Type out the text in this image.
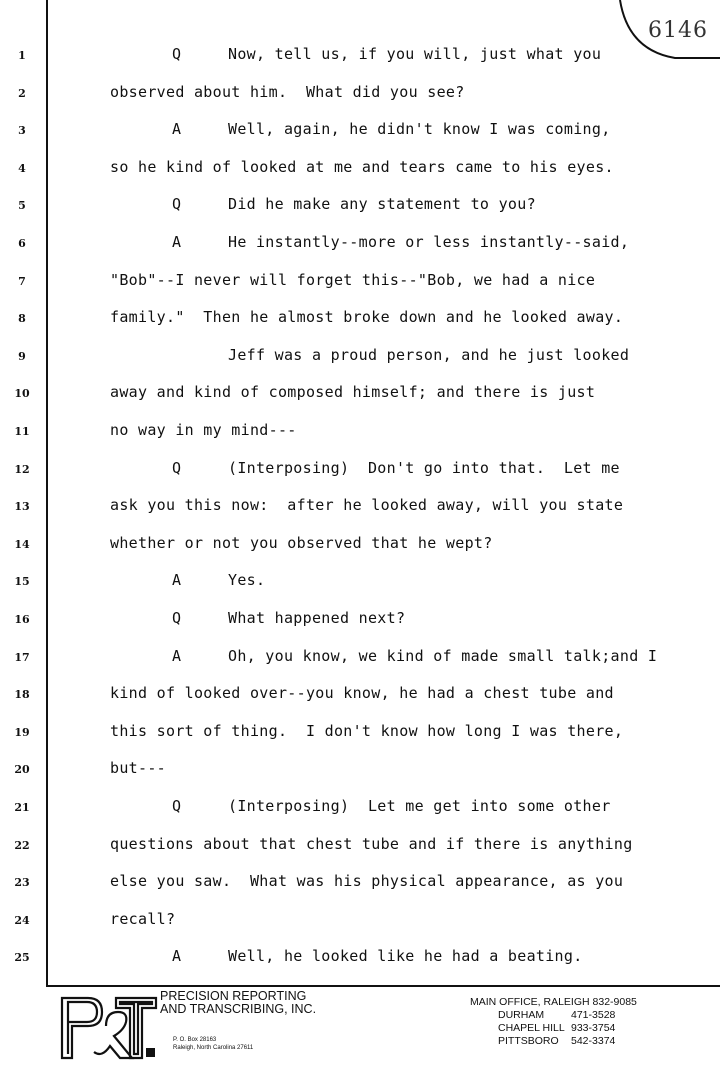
6146
1	Q     Now, tell us, if you will, just what you
2	observed about him.  What did you see?
3	A     Well, again, he didn't know I was coming,
4	so he kind of looked at me and tears came to his eyes.
5	Q     Did he make any statement to you?
6	A     He instantly--more or less instantly--said,
7	"Bob"--I never will forget this--"Bob, we had a nice
8	family."  Then he almost broke down and he looked away.
9	Jeff was a proud person, and he just looked
10	away and kind of composed himself; and there is just
11	no way in my mind---
12	Q     (Interposing)  Don't go into that.  Let me
13	ask you this now:  after he looked away, will you state
14	whether or not you observed that he wept?
15	A     Yes.
16	Q     What happened next?
17	A     Oh, you know, we kind of made small talk;and I
18	kind of looked over--you know, he had a chest tube and
19	this sort of thing.  I don't know how long I was there,
20	but---
21	Q     (Interposing)  Let me get into some other
22	questions about that chest tube and if there is anything
23	else you saw.  What was his physical appearance, as you
24	recall?
25	A     Well, he looked like he had a beating.
PRECISION REPORTING
AND TRANSCRIBING, INC.
P. O. Box 28163
Raleigh, North Carolina 27611
MAIN OFFICE, RALEIGH 832-9085
DURHAM	471-3528
CHAPEL HILL 933-3754
PITTSBORO	542-3374
